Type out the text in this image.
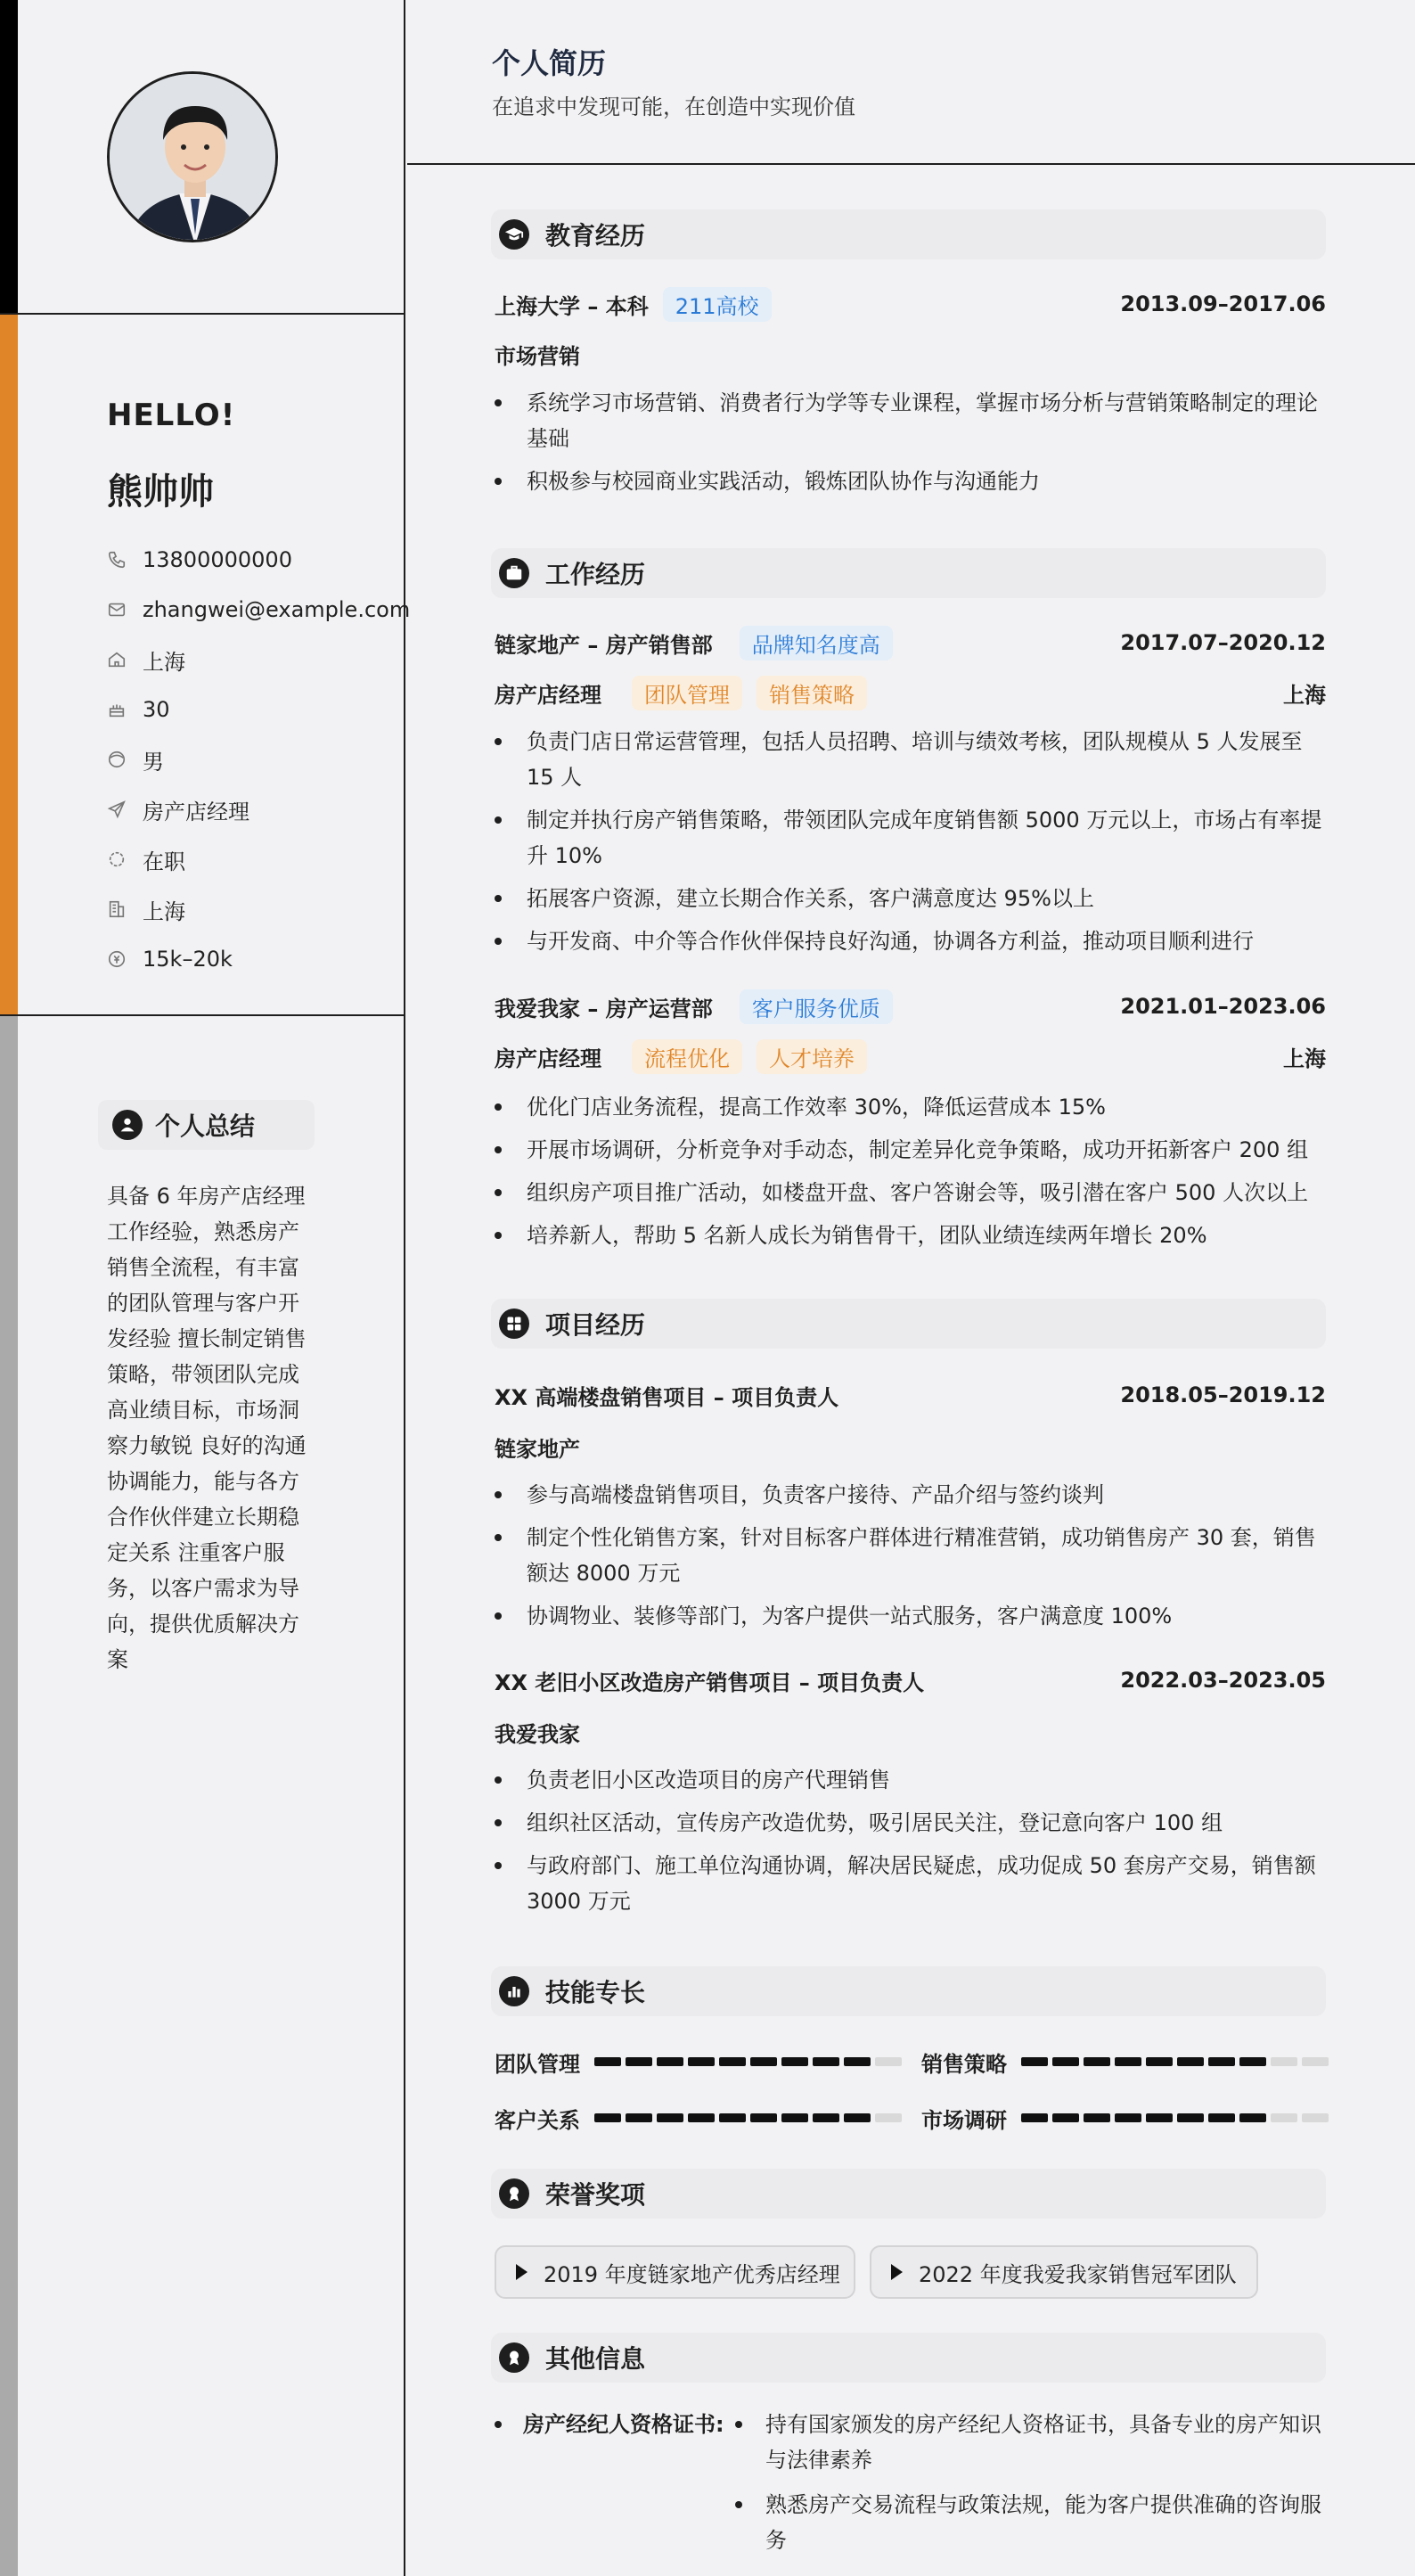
HELLO!
熊帅帅
13800000000
zhangwei@example.com
上海
30
男
房产店经理
在职
上海
15k–20k
个人总结
具备 6 年房产店经理工作经验，熟悉房产销售全流程，有丰富的团队管理与客户开发经验 擅长制定销售策略，带领团队完成高业绩目标，市场洞察力敏锐 良好的沟通协调能力，能与各方合作伙伴建立长期稳定关系 注重客户服务，以客户需求为导向，提供优质解决方案
个人简历
在追求中发现可能，在创造中实现价值
教育经历
上海大学 – 本科	211高校	2013.09–2017.06
市场营销
系统学习市场营销、消费者行为学等专业课程，掌握市场分析与营销策略制定的理论基础
积极参与校园商业实践活动，锻炼团队协作与沟通能力
工作经历
链家地产 – 房产销售部	品牌知名度高	2017.07–2020.12
房产店经理	团队管理	销售策略	上海
负责门店日常运营管理，包括人员招聘、培训与绩效考核，团队规模从 5 人发展至 15 人
制定并执行房产销售策略，带领团队完成年度销售额 5000 万元以上，市场占有率提升 10%
拓展客户资源，建立长期合作关系，客户满意度达 95%以上
与开发商、中介等合作伙伴保持良好沟通，协调各方利益，推动项目顺利进行
我爱我家 – 房产运营部	客户服务优质	2021.01–2023.06
房产店经理	流程优化	人才培养	上海
优化门店业务流程，提高工作效率 30%，降低运营成本 15%
开展市场调研，分析竞争对手动态，制定差异化竞争策略，成功开拓新客户 200 组
组织房产项目推广活动，如楼盘开盘、客户答谢会等，吸引潜在客户 500 人次以上
培养新人，帮助 5 名新人成长为销售骨干，团队业绩连续两年增长 20%
项目经历
XX 高端楼盘销售项目 – 项目负责人	2018.05–2019.12
链家地产
参与高端楼盘销售项目，负责客户接待、产品介绍与签约谈判
制定个性化销售方案，针对目标客户群体进行精准营销，成功销售房产 30 套，销售额达 8000 万元
协调物业、装修等部门，为客户提供一站式服务，客户满意度 100%
XX 老旧小区改造房产销售项目 – 项目负责人	2022.03–2023.05
我爱我家
负责老旧小区改造项目的房产代理销售
组织社区活动，宣传房产改造优势，吸引居民关注，登记意向客户 100 组
与政府部门、施工单位沟通协调，解决居民疑虑，成功促成 50 套房产交易，销售额 3000 万元
技能专长
团队管理	销售策略
客户关系	市场调研
荣誉奖项
2019 年度链家地产优秀店经理	2022 年度我爱我家销售冠军团队
其他信息
房产经纪人资格证书:	持有国家颁发的房产经纪人资格证书，具备专业的房产知识与法律素养
熟悉房产交易流程与政策法规，能为客户提供准确的咨询服务
